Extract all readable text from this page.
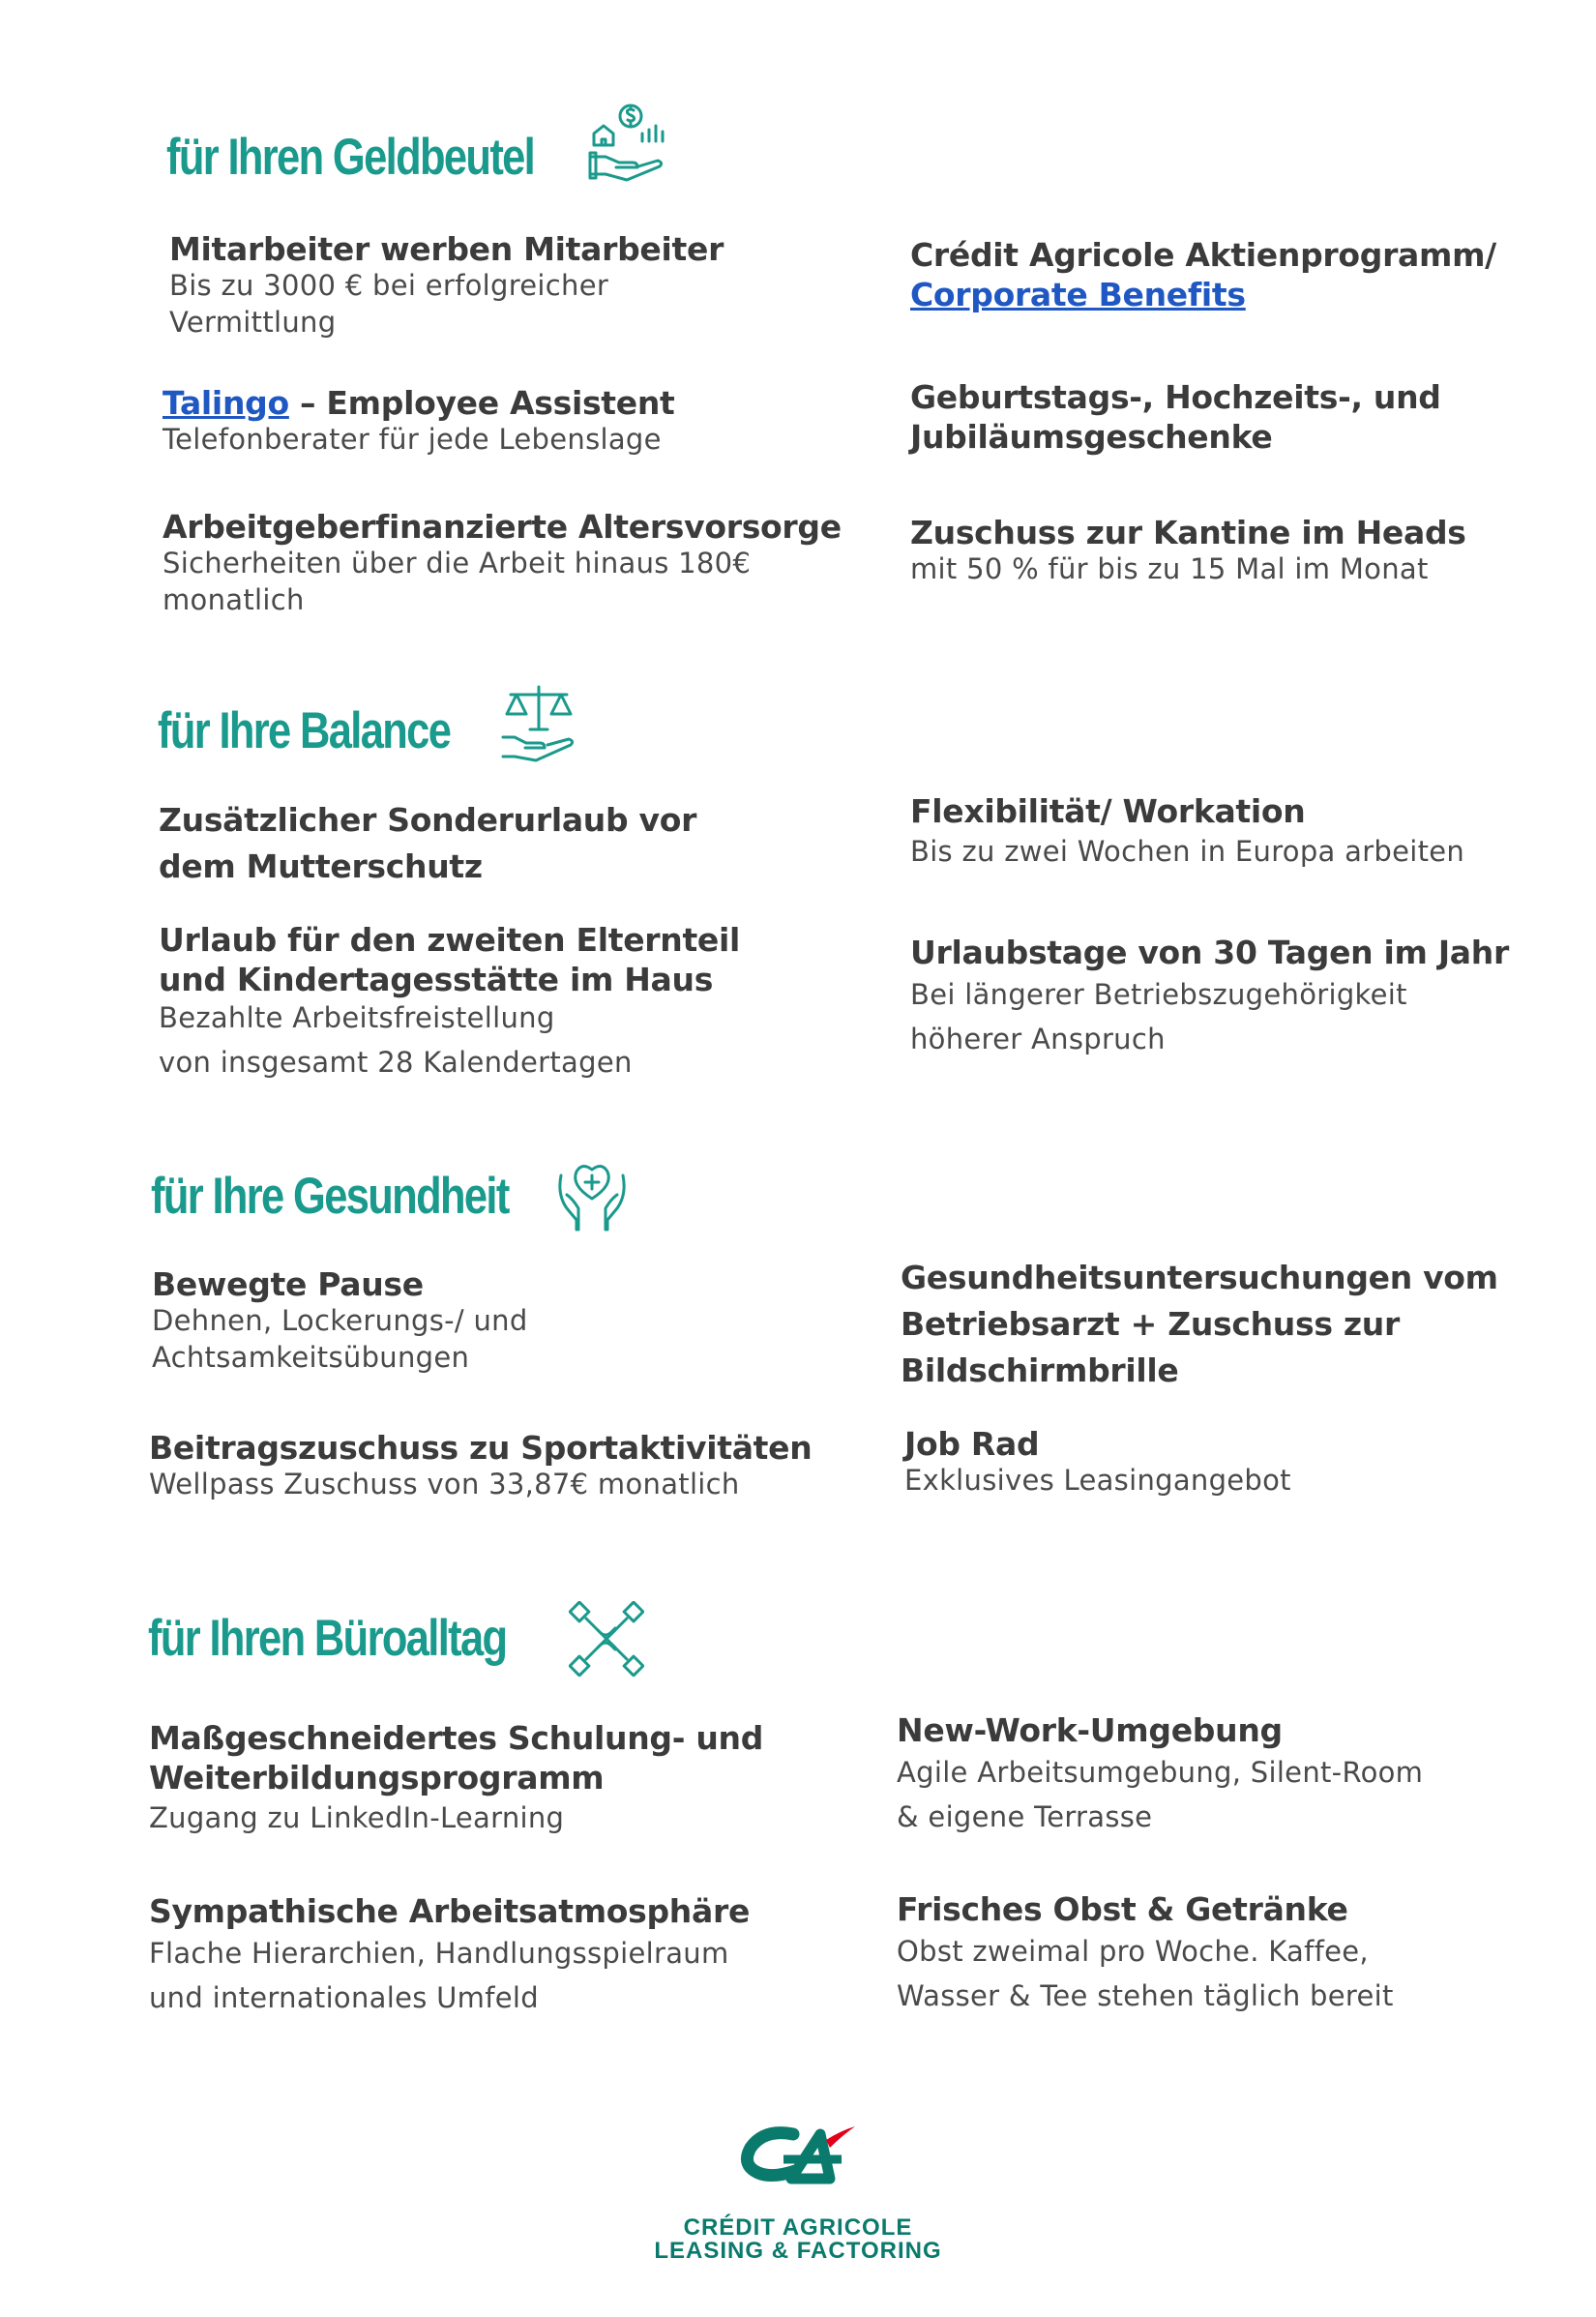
für Ihren Geldbeutel
Mitarbeiter werben Mitarbeiter
Bis zu 3000 € bei erfolgreicher
Vermittlung
Talingo – Employee Assistent
Telefonberater für jede Lebenslage
Arbeitgeberfinanzierte Altersvorsorge
Sicherheiten über die Arbeit hinaus 180€
monatlich
Crédit Agricole Aktienprogramm/
Corporate Benefits
Geburtstags-, Hochzeits-, und
Jubiläumsgeschenke
Zuschuss zur Kantine im Heads
mit 50 % für bis zu 15 Mal im Monat
für Ihre Balance
Zusätzlicher Sonderurlaub vor
dem Mutterschutz
Urlaub für den zweiten Elternteil
und Kindertagesstätte im Haus
Bezahlte Arbeitsfreistellung
von insgesamt 28 Kalendertagen
Flexibilität/ Workation
Bis zu zwei Wochen in Europa arbeiten
Urlaubstage von 30 Tagen im Jahr
Bei längerer Betriebszugehörigkeit
höherer Anspruch
für Ihre Gesundheit
Bewegte Pause
Dehnen, Lockerungs-/ und
Achtsamkeitsübungen
Beitragszuschuss zu Sportaktivitäten
Wellpass Zuschuss von 33,87€ monatlich
Gesundheitsuntersuchungen vom
Betriebsarzt + Zuschuss zur
Bildschirmbrille
Job Rad
Exklusives Leasingangebot
für Ihren Büroalltag
Maßgeschneidertes Schulung- und
Weiterbildungsprogramm
Zugang zu LinkedIn-Learning
Sympathische Arbeitsatmosphäre
Flache Hierarchien, Handlungsspielraum
und internationales Umfeld
New-Work-Umgebung
Agile Arbeitsumgebung, Silent-Room
& eigene Terrasse
Frisches Obst & Getränke
Obst zweimal pro Woche. Kaffee,
Wasser & Tee stehen täglich bereit
CRÉDIT AGRICOLE
LEASING & FACTORING
